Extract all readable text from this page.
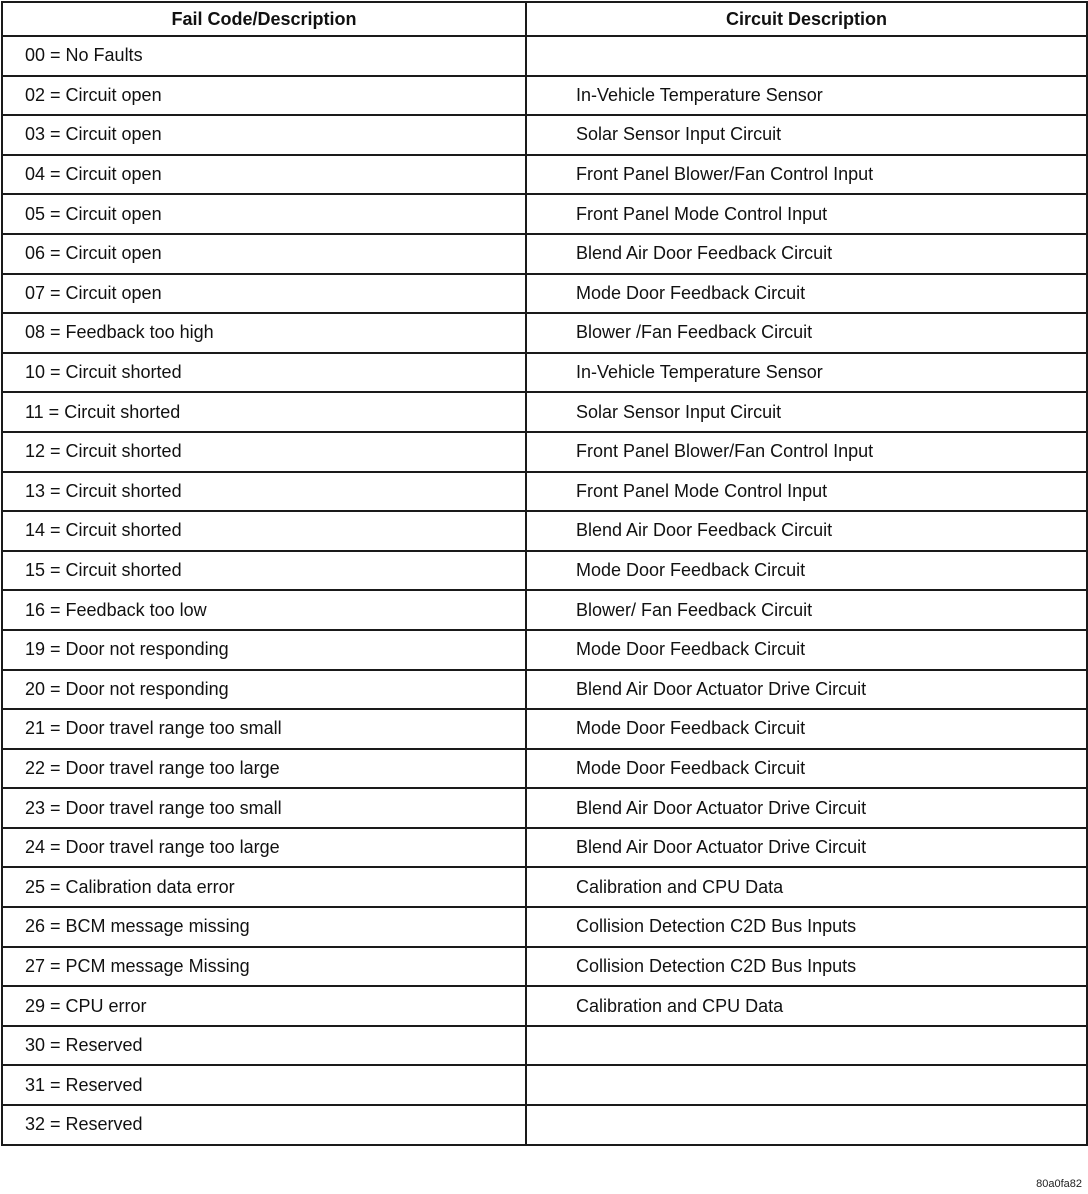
Fail Code/Description	Circuit Description
00 = No Faults	
02 = Circuit open	In-Vehicle Temperature Sensor
03 = Circuit open	Solar Sensor Input Circuit
04 = Circuit open	Front Panel Blower/Fan Control Input
05 = Circuit open	Front Panel Mode Control Input
06 = Circuit open	Blend Air Door Feedback Circuit
07 = Circuit open	Mode Door Feedback Circuit
08 = Feedback too high	Blower /Fan Feedback Circuit
10 = Circuit shorted	In-Vehicle Temperature Sensor
11 = Circuit shorted	Solar Sensor Input Circuit
12 = Circuit shorted	Front Panel Blower/Fan Control Input
13 = Circuit shorted	Front Panel Mode Control Input
14 = Circuit shorted	Blend Air Door Feedback Circuit
15 = Circuit shorted	Mode Door Feedback Circuit
16 = Feedback too low	Blower/ Fan Feedback Circuit
19 = Door not responding	Mode Door Feedback Circuit
20 = Door not responding	Blend Air Door Actuator Drive Circuit
21 = Door travel range too small	Mode Door Feedback Circuit
22 = Door travel range too large	Mode Door Feedback Circuit
23 = Door travel range too small	Blend Air Door Actuator Drive Circuit
24 = Door travel range too large	Blend Air Door Actuator Drive Circuit
25 = Calibration data error	Calibration and CPU Data
26 = BCM message missing	Collision Detection C2D Bus Inputs
27 = PCM message Missing	Collision Detection C2D Bus Inputs
29 = CPU error	Calibration and CPU Data
30 = Reserved	
31 = Reserved	
32 = Reserved	
80a0fa82
